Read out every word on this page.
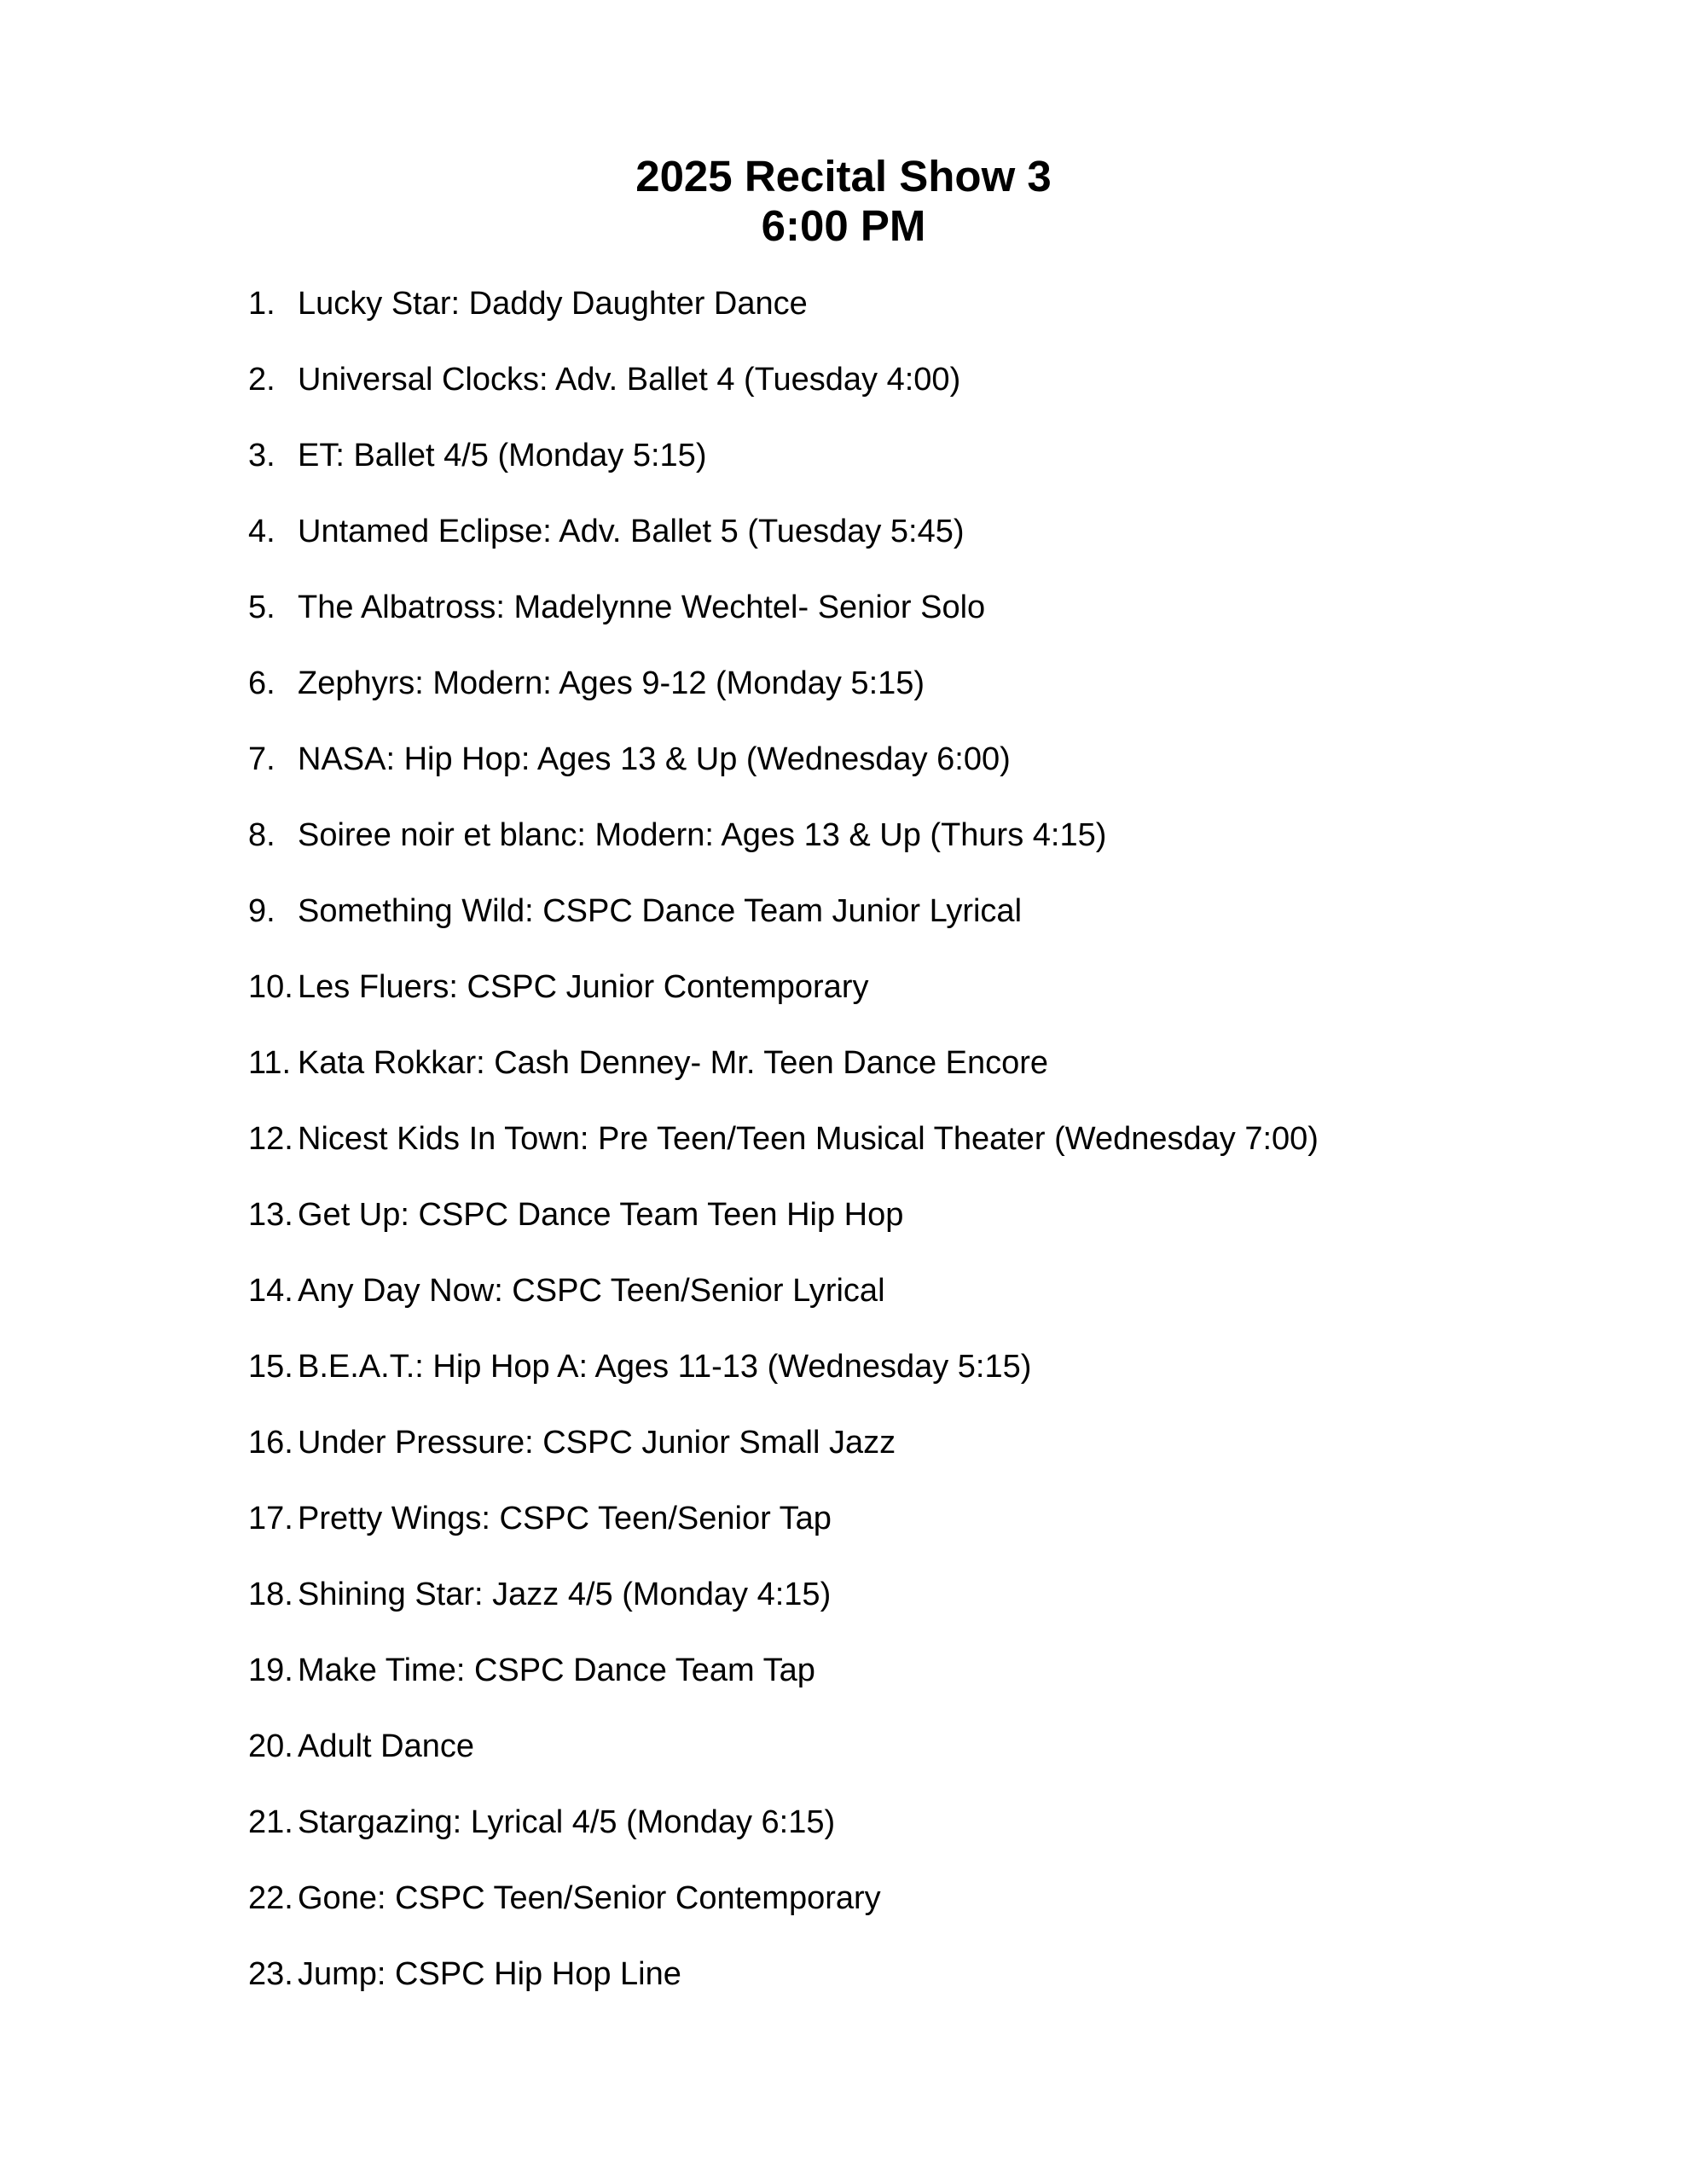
2025 Recital Show 3
6:00 PM
1. Lucky Star: Daddy Daughter Dance
2. Universal Clocks: Adv. Ballet 4 (Tuesday 4:00)
3. ET: Ballet 4/5 (Monday 5:15)
4. Untamed Eclipse: Adv. Ballet 5 (Tuesday 5:45)
5. The Albatross: Madelynne Wechtel- Senior Solo
6. Zephyrs: Modern: Ages 9-12 (Monday 5:15)
7. NASA: Hip Hop: Ages 13 & Up (Wednesday 6:00)
8. Soiree noir et blanc: Modern: Ages 13 & Up (Thurs 4:15)
9. Something Wild: CSPC Dance Team Junior Lyrical
10. Les Fluers: CSPC Junior Contemporary
11. Kata Rokkar: Cash Denney- Mr. Teen Dance Encore
12. Nicest Kids In Town: Pre Teen/Teen Musical Theater (Wednesday 7:00)
13. Get Up: CSPC Dance Team Teen Hip Hop
14. Any Day Now: CSPC Teen/Senior Lyrical
15. B.E.A.T.: Hip Hop A: Ages 11-13 (Wednesday 5:15)
16. Under Pressure: CSPC Junior Small Jazz
17. Pretty Wings: CSPC Teen/Senior Tap
18. Shining Star: Jazz 4/5 (Monday 4:15)
19. Make Time: CSPC Dance Team Tap
20. Adult Dance
21. Stargazing: Lyrical 4/5 (Monday 6:15)
22. Gone: CSPC Teen/Senior Contemporary
23. Jump: CSPC Hip Hop Line
